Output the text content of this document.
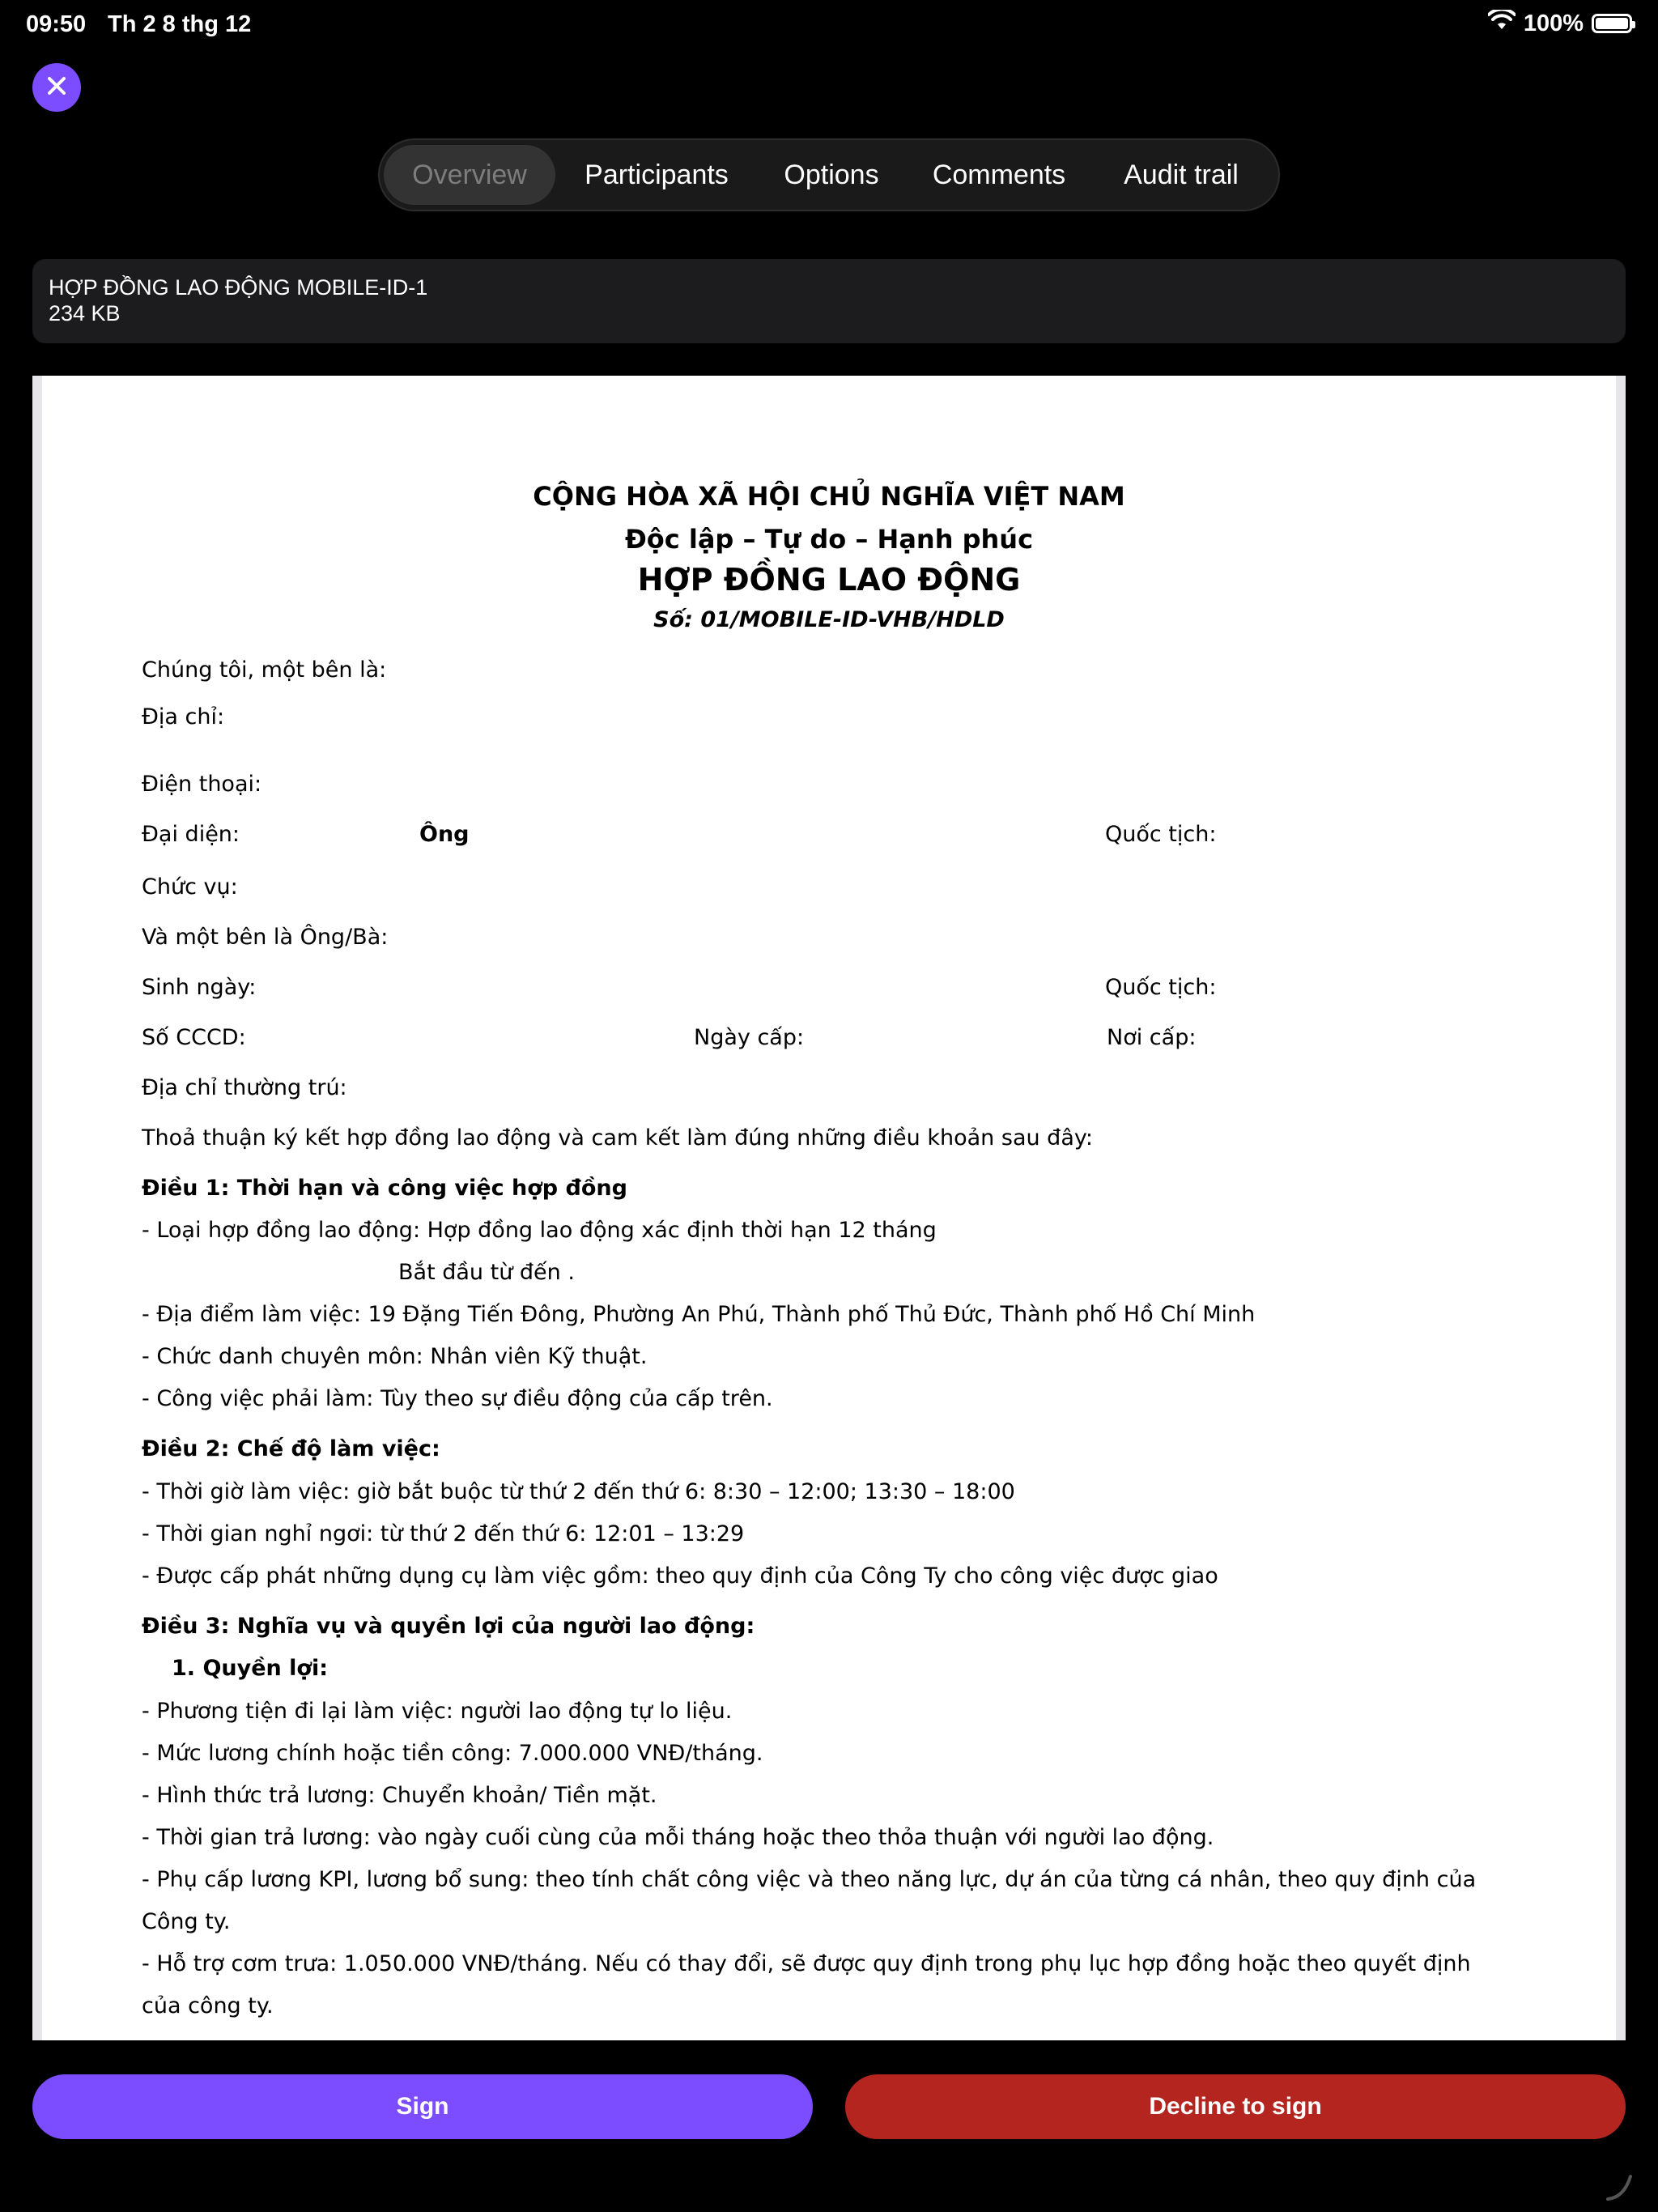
09:50 Th 2 8 thg 12	100%
Overview	Participants	Options	Comments	Audit trail
HỢP ĐỒNG LAO ĐỘNG MOBILE-ID-1
234 KB
CỘNG HÒA XÃ HỘI CHỦ NGHĨA VIỆT NAM
Độc lập – Tự do – Hạnh phúc
HỢP ĐỒNG LAO ĐỘNG
Số: 01/MOBILE-ID-VHB/HDLD
Chúng tôi, một bên là:
Địa chỉ:
Điện thoại:
Đại diện:	Ông	Quốc tịch:
Chức vụ:
Và một bên là Ông/Bà:
Sinh ngày:	Quốc tịch:
Số CCCD:	Ngày cấp:	Nơi cấp:
Địa chỉ thường trú:
Thoả thuận ký kết hợp đồng lao động và cam kết làm đúng những điều khoản sau đây:
Điều 1: Thời hạn và công việc hợp đồng
- Loại hợp đồng lao động: Hợp đồng lao động xác định thời hạn 12 tháng
Bắt đầu từ đến .
- Địa điểm làm việc: 19 Đặng Tiến Đông, Phường An Phú, Thành phố Thủ Đức, Thành phố Hồ Chí Minh
- Chức danh chuyên môn: Nhân viên Kỹ thuật.
- Công việc phải làm: Tùy theo sự điều động của cấp trên.
Điều 2: Chế độ làm việc:
- Thời giờ làm việc: giờ bắt buộc từ thứ 2 đến thứ 6: 8:30 – 12:00; 13:30 – 18:00
- Thời gian nghỉ ngơi: từ thứ 2 đến thứ 6: 12:01 – 13:29
- Được cấp phát những dụng cụ làm việc gồm: theo quy định của Công Ty cho công việc được giao
Điều 3: Nghĩa vụ và quyền lợi của người lao động:
1. Quyền lợi:
- Phương tiện đi lại làm việc: người lao động tự lo liệu.
- Mức lương chính hoặc tiền công: 7.000.000 VNĐ/tháng.
- Hình thức trả lương: Chuyển khoản/ Tiền mặt.
- Thời gian trả lương: vào ngày cuối cùng của mỗi tháng hoặc theo thỏa thuận với người lao động.
- Phụ cấp lương KPI, lương bổ sung: theo tính chất công việc và theo năng lực, dự án của từng cá nhân, theo quy định của
Công ty.
- Hỗ trợ cơm trưa: 1.050.000 VNĐ/tháng. Nếu có thay đổi, sẽ được quy định trong phụ lục hợp đồng hoặc theo quyết định
của công ty.
Sign	Decline to sign
